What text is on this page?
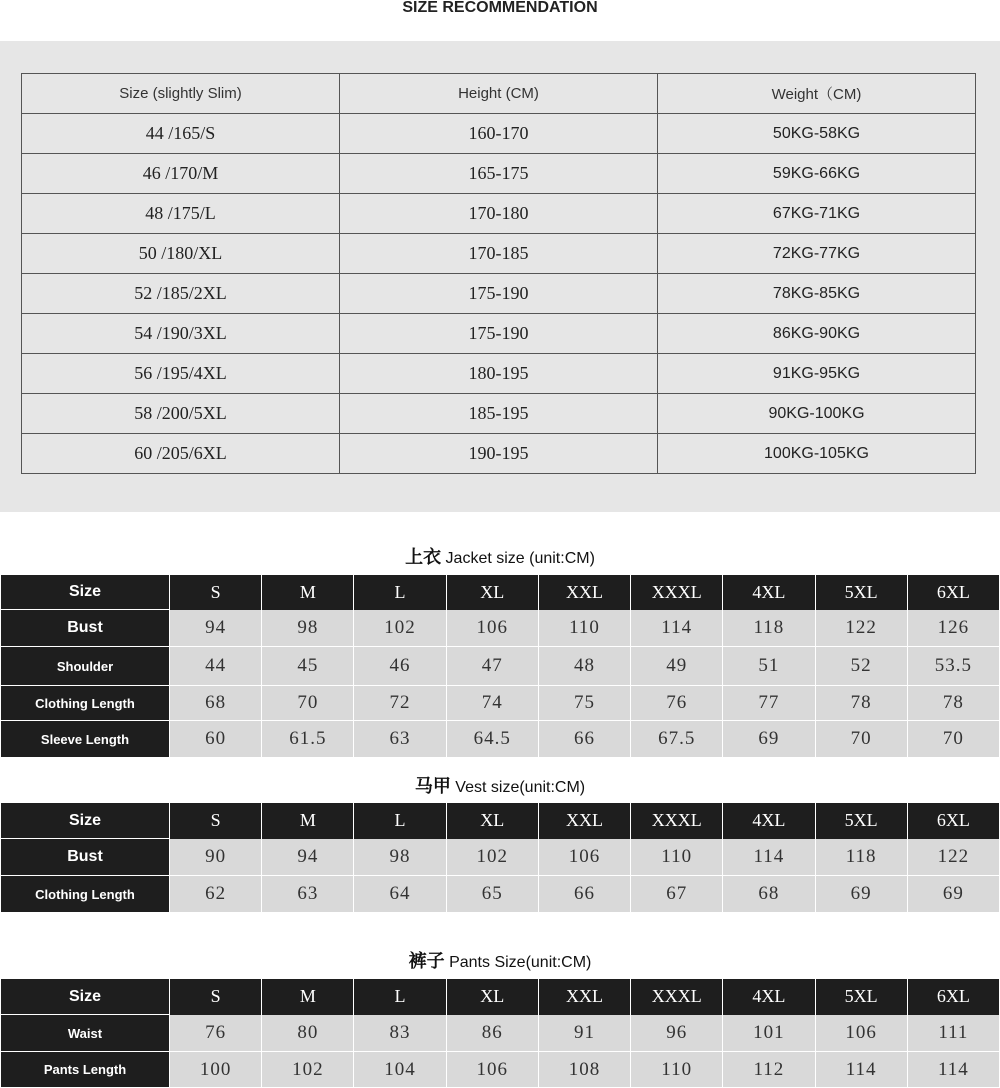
SIZE RECOMMENDATION
Size (slightly Slim)	Height (CM)	Weight（CM)
44 /165/S	160-170	50KG-58KG
46 /170/M	165-175	59KG-66KG
48 /175/L	170-180	67KG-71KG
50 /180/XL	170-185	72KG-77KG
52 /185/2XL	175-190	78KG-85KG
54 /190/3XL	175-190	86KG-90KG
56 /195/4XL	180-195	91KG-95KG
58 /200/5XL	185-195	90KG-100KG
60 /205/6XL	190-195	100KG-105KG
上衣 Jacket size (unit:CM)
Size	S	M	L	XL	XXL	XXXL	4XL	5XL	6XL
Bust	94	98	102	106	110	114	118	122	126
Shoulder	44	45	46	47	48	49	51	52	53.5
Clothing Length	68	70	72	74	75	76	77	78	78
Sleeve Length	60	61.5	63	64.5	66	67.5	69	70	70
马甲 Vest size(unit:CM)
Size	S	M	L	XL	XXL	XXXL	4XL	5XL	6XL
Bust	90	94	98	102	106	110	114	118	122
Clothing Length	62	63	64	65	66	67	68	69	69
裤子 Pants Size(unit:CM)
Size	S	M	L	XL	XXL	XXXL	4XL	5XL	6XL
Waist	76	80	83	86	91	96	101	106	111
Pants Length	100	102	104	106	108	110	112	114	114
